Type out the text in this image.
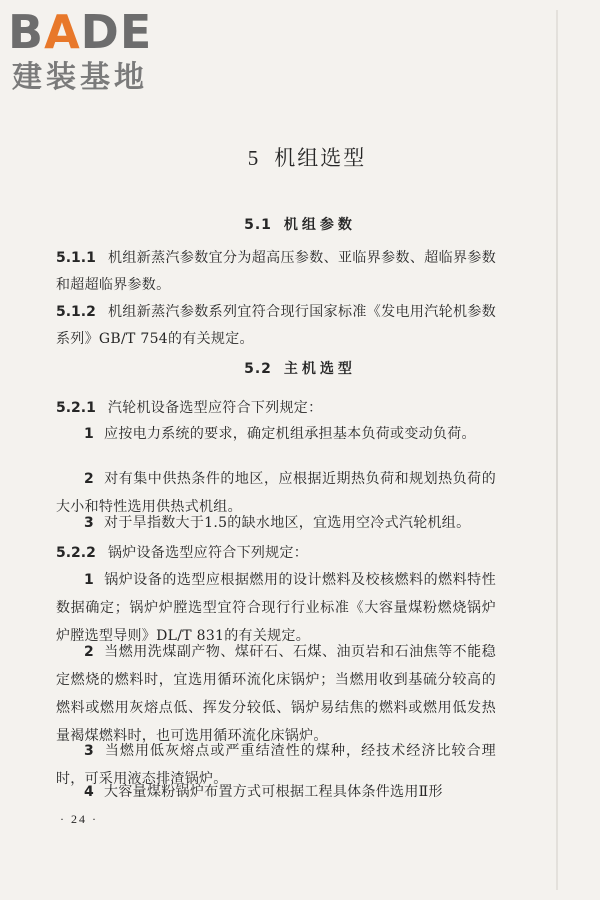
BADE
建装基地
5 机组选型
5.1 机组参数
5.1.1 机组新蒸汽参数宜分为超高压参数、亚临界参数、超临界参数和超超临界参数。
5.1.2 机组新蒸汽参数系列宜符合现行国家标准《发电用汽轮机参数系列》GB/T 754的有关规定。
5.2 主机选型
5.2.1 汽轮机设备选型应符合下列规定：
1 应按电力系统的要求，确定机组承担基本负荷或变动负荷。
2 对有集中供热条件的地区，应根据近期热负荷和规划热负荷的大小和特性选用供热式机组。
3 对于旱指数大于1.5的缺水地区，宜选用空冷式汽轮机组。
5.2.2 锅炉设备选型应符合下列规定：
1 锅炉设备的选型应根据燃用的设计燃料及校核燃料的燃料特性数据确定；锅炉炉膛选型宜符合现行行业标准《大容量煤粉燃烧锅炉炉膛选型导则》DL/T 831的有关规定。
2 当燃用洗煤副产物、煤矸石、石煤、油页岩和石油焦等不能稳定燃烧的燃料时，宜选用循环流化床锅炉；当燃用收到基硫分较高的燃料或燃用灰熔点低、挥发分较低、锅炉易结焦的燃料或燃用低发热量褐煤燃料时，也可选用循环流化床锅炉。
3 当燃用低灰熔点或严重结渣性的煤种，经技术经济比较合理时，可采用液态排渣锅炉。
4 大容量煤粉锅炉布置方式可根据工程具体条件选用Ⅱ形
· 24 ·
